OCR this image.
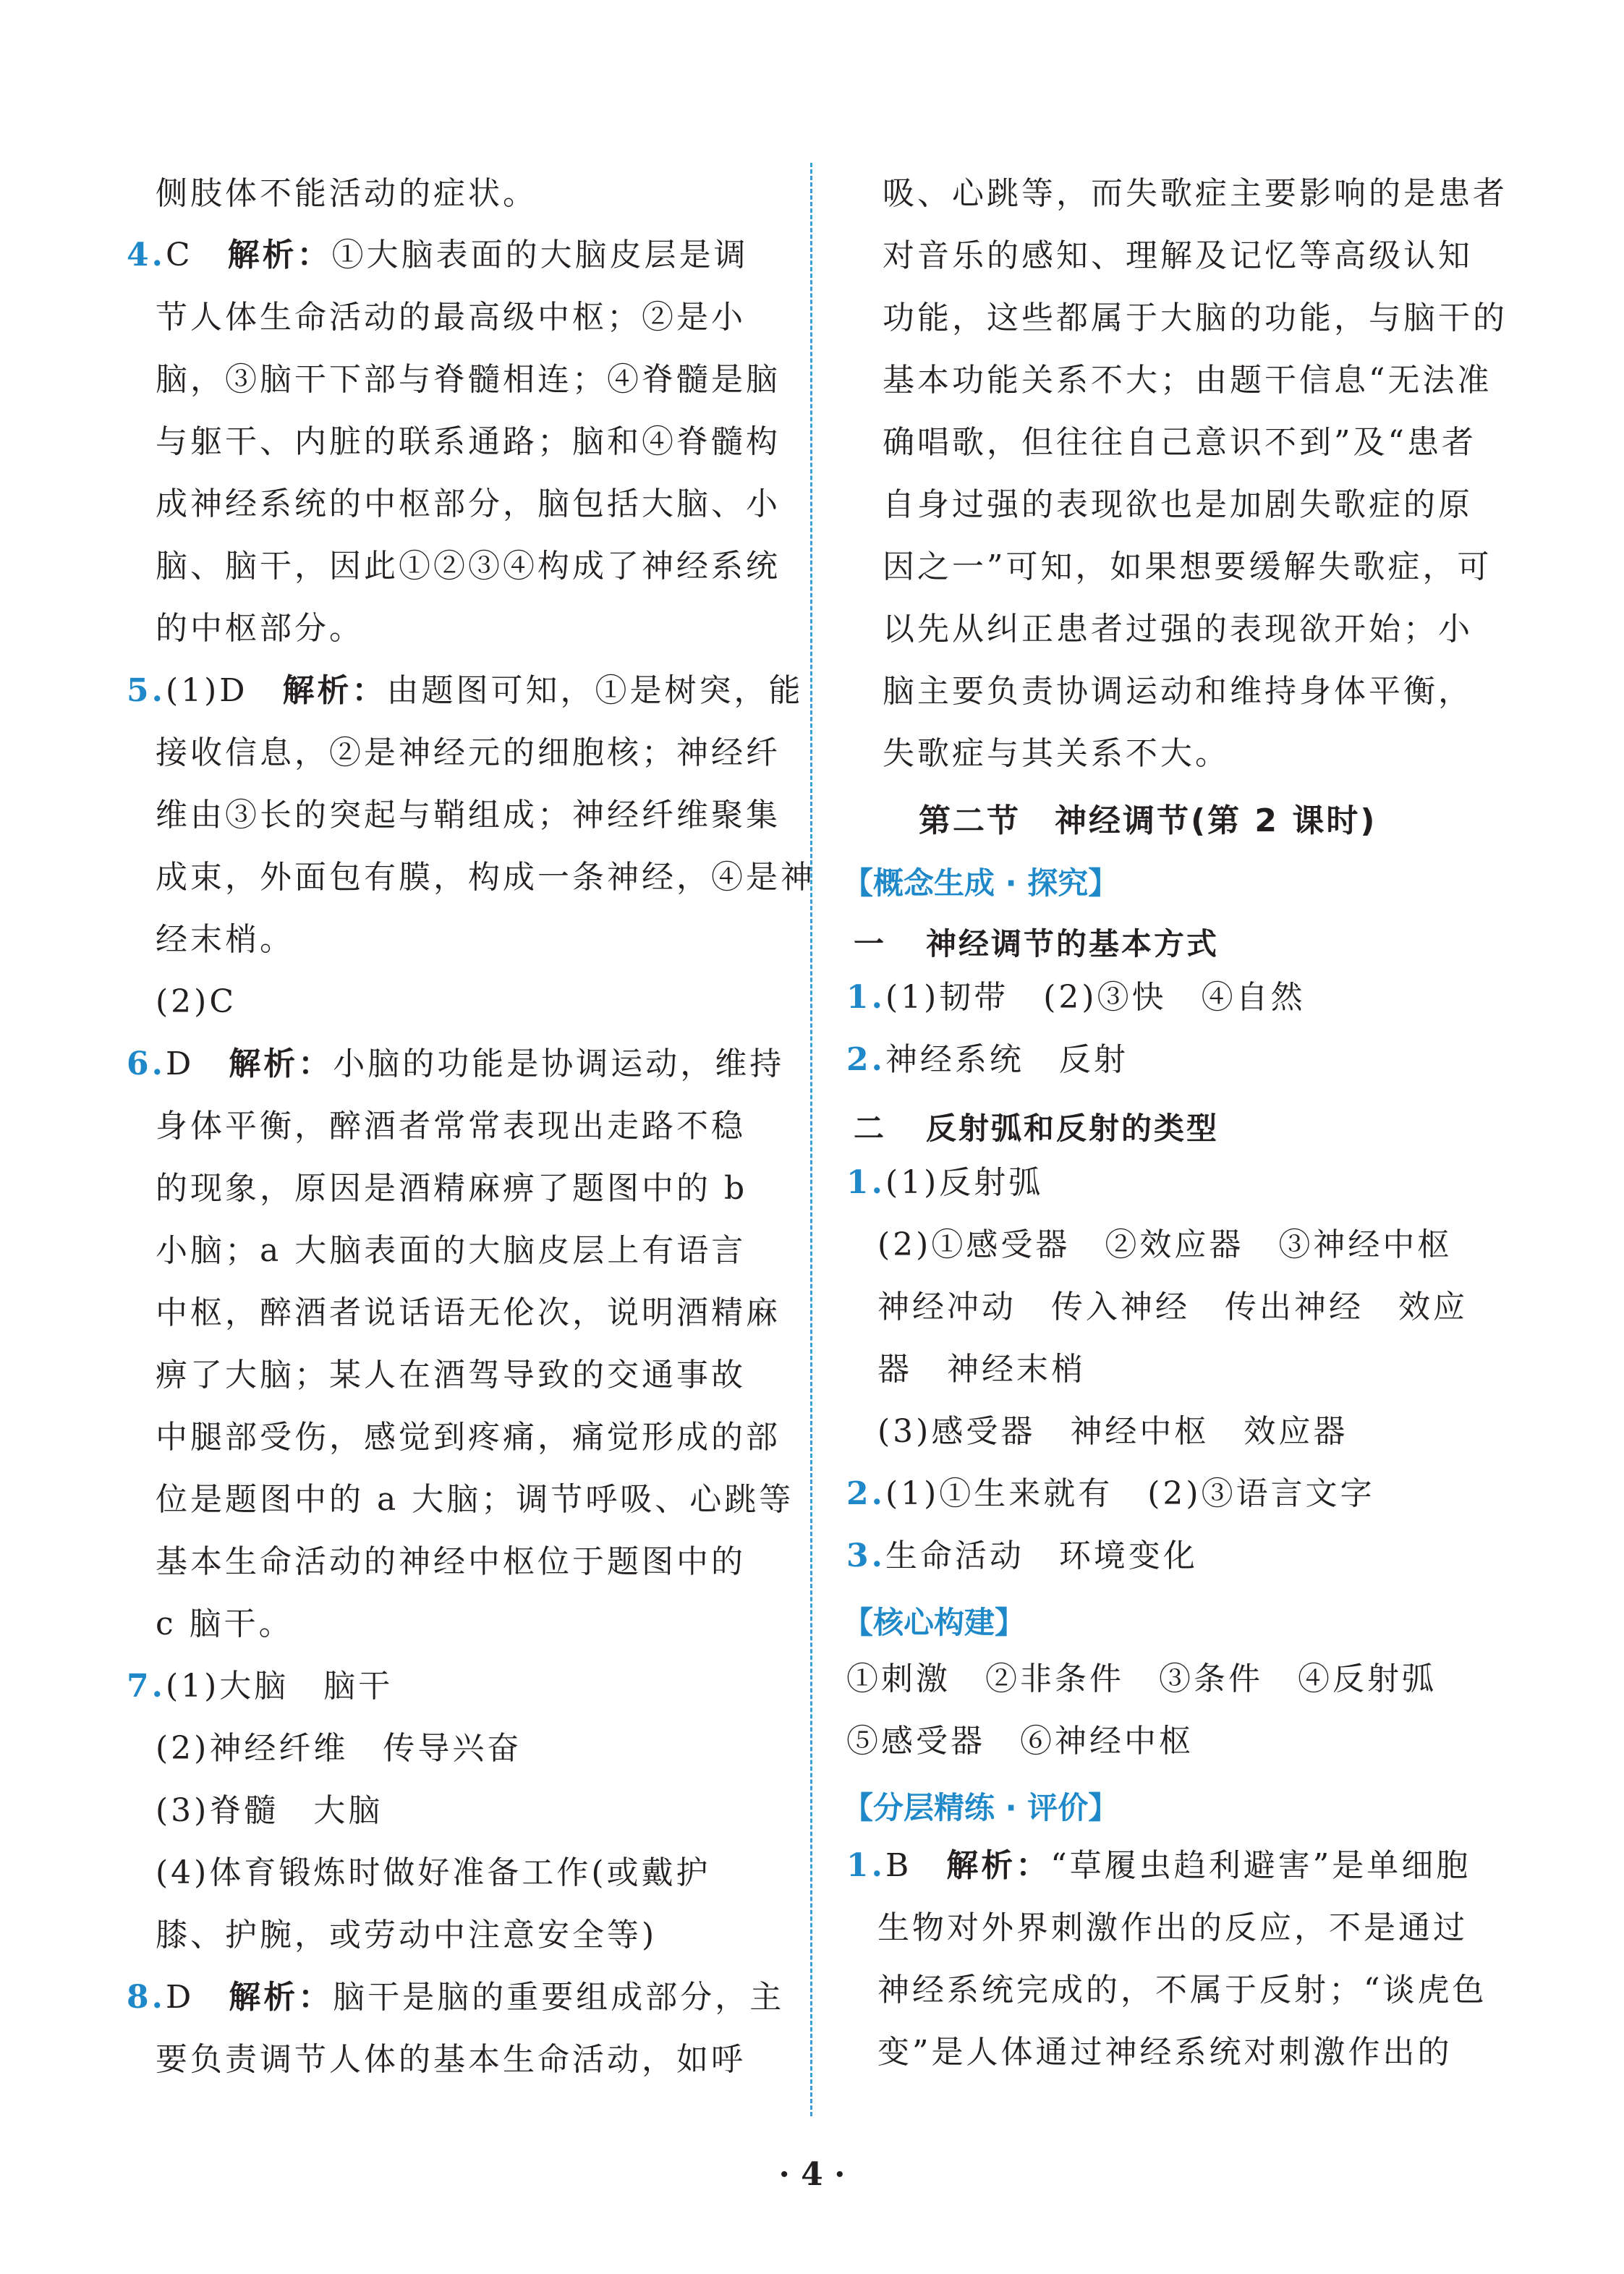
侧肢体不能活动的症状。
4.C　 解析：①大脑表面的大脑皮层是调
节人体生命活动的最高级中枢；②是小
脑，③脑干下部与脊髓相连；④脊髓是脑
与躯干、内脏的联系通路；脑和④脊髓构
成神经系统的中枢部分，脑包括大脑、小
脑、脑干，因此①②③④构成了神经系统
的中枢部分。
5.(1)D　 解析：由题图可知，①是树突，能
接收信息，②是神经元的细胞核；神经纤
维由③长的突起与鞘组成；神经纤维聚集
成束，外面包有膜，构成一条神经，④是神
经末梢。
(2)C
6.D　 解析：小脑的功能是协调运动，维持
身体平衡，醉酒者常常表现出走路不稳
的现象，原因是酒精麻痹了题图中的 b
小脑；a 大脑表面的大脑皮层上有语言
中枢，醉酒者说话语无伦次，说明酒精麻
痹了大脑；某人在酒驾导致的交通事故
中腿部受伤，感觉到疼痛，痛觉形成的部
位是题图中的 a 大脑；调节呼吸、心跳等
基本生命活动的神经中枢位于题图中的
c 脑干。
7.(1)大脑　脑干
(2)神经纤维　传导兴奋
(3)脊髓　大脑
(4)体育锻炼时做好准备工作(或戴护
膝、护腕，或劳动中注意安全等)
8.D　 解析：脑干是脑的重要组成部分，主
要负责调节人体的基本生命活动，如呼
吸、心跳等，而失歌症主要影响的是患者
对音乐的感知、理解及记忆等高级认知
功能，这些都属于大脑的功能，与脑干的
基本功能关系不大；由题干信息“无法准
确唱歌，但往往自己意识不到”及“患者
自身过强的表现欲也是加剧失歌症的原
因之一”可知，如果想要缓解失歌症，可
以先从纠正患者过强的表现欲开始；小
脑主要负责协调运动和维持身体平衡，
失歌症与其关系不大。
第二节　神经调节(第 2 课时)
【概念生成 · 探究】
一 神经调节的基本方式
1.(1)韧带　(2)③快　④自然
2.神经系统　反射
二 反射弧和反射的类型
1.(1)反射弧
(2)①感受器　②效应器　③神经中枢
神经冲动　传入神经　传出神经　效应
器　神经末梢
(3)感受器　神经中枢　效应器
2.(1)①生来就有　(2)③语言文字
3.生命活动　环境变化
【核心构建】
①刺激　②非条件　③条件　④反射弧
⑤感受器　⑥神经中枢
【分层精练 · 评价】
1.B　 解析：“草履虫趋利避害”是单细胞
生物对外界刺激作出的反应，不是通过
神经系统完成的，不属于反射；“谈虎色
变”是人体通过神经系统对刺激作出的
· 4 ·
